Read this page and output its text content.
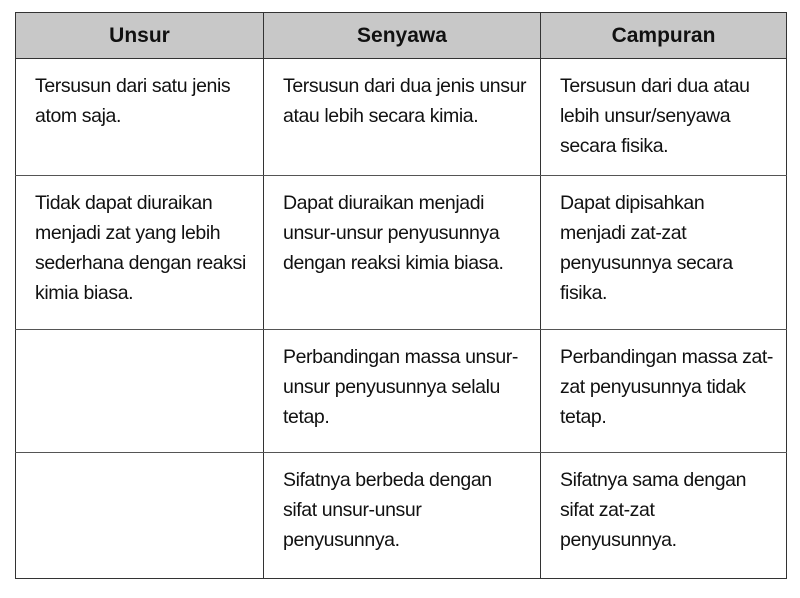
Unsur	Senyawa	Campuran
Tersusun dari satu jenis atom saja.	Tersusun dari dua jenis unsur atau lebih secara kimia.	Tersusun dari dua atau lebih unsur/senyawa secara fisika.
Tidak dapat diuraikan menjadi zat yang lebih sederhana dengan reaksi kimia biasa.	Dapat diuraikan menjadi unsur-unsur penyusunnya dengan reaksi kimia biasa.	Dapat dipisahkan menjadi zat-zat penyusunnya secara fisika.
	Perbandingan massa unsur-unsur penyusunnya selalu tetap.	Perbandingan massa zat-zat penyusunnya tidak tetap.
	Sifatnya berbeda dengan sifat unsur-unsur penyusunnya.	Sifatnya sama dengan sifat zat-zat penyusunnya.
